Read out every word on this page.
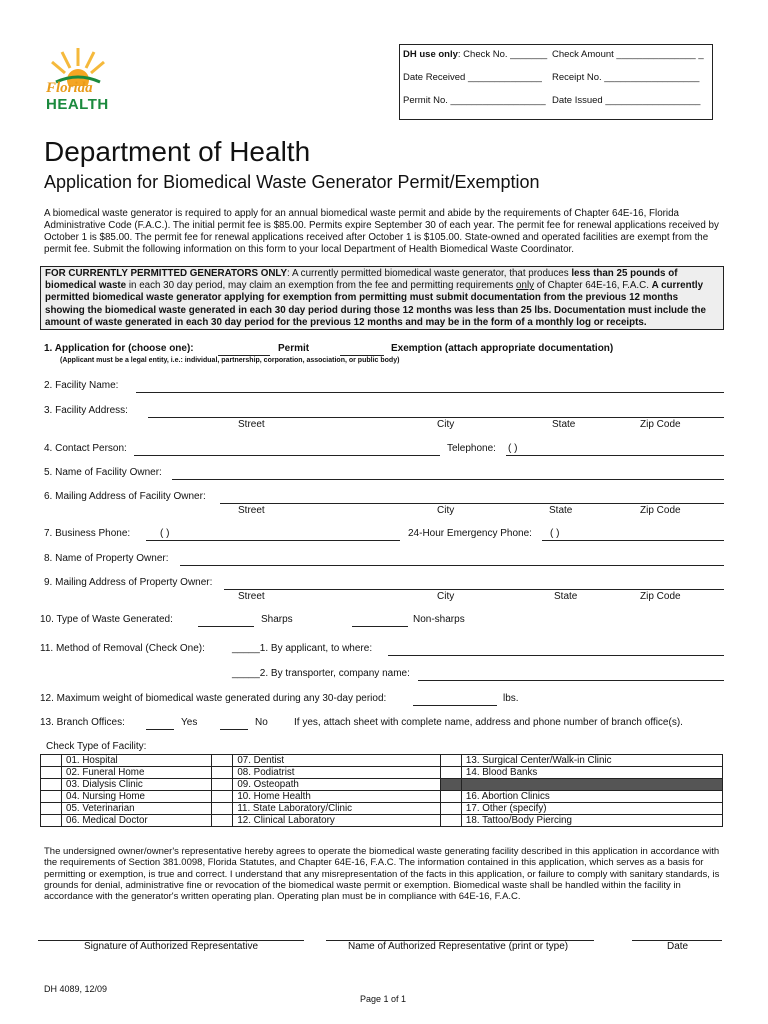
Florida
HEALTH
DH use only: Check No. _______ Check Amount _______________ _
Date Received ______________ Receipt No. __________________
Permit No. __________________ Date Issued __________________
Department of Health
Application for Biomedical Waste Generator Permit/Exemption
A biomedical waste generator is required to apply for an annual biomedical waste permit and abide by the requirements of Chapter 64E-16, Florida Administrative Code (F.A.C.). The initial permit fee is $85.00. Permits expire September 30 of each year. The permit fee for renewal applications received by October 1 is $85.00. The permit fee for renewal applications received after October 1 is $105.00. State-owned and operated facilities are exempt from the permit fee. Submit the following information on this form to your local Department of Health Biomedical Waste Coordinator.
FOR CURRENTLY PERMITTED GENERATORS ONLY: A currently permitted biomedical waste generator, that produces less than 25 pounds of biomedical waste in each 30 day period, may claim an exemption from the fee and permitting requirements only of Chapter 64E-16, F.A.C. A currently permitted biomedical waste generator applying for exemption from permitting must submit documentation from the previous 12 months showing the biomedical waste generated in each 30 day period during those 12 months was less than 25 lbs. Documentation must include the amount of waste generated in each 30 day period for the previous 12 months and may be in the form of a monthly log or receipts.
1. Application for (choose one):	Permit	Exemption (attach appropriate documentation)
(Applicant must be a legal entity, i.e.: individual, partnership, corporation, association, or public body)
2. Facility Name:
3. Facility Address:
Street	City	State	Zip Code
4. Contact Person:	Telephone: ( )
5. Name of Facility Owner:
6. Mailing Address of Facility Owner:
Street	City	State	Zip Code
7. Business Phone:	( )	24-Hour Emergency Phone: ( )
8. Name of Property Owner:
9. Mailing Address of Property Owner:
Street	City	State	Zip Code
10. Type of Waste Generated:	Sharps	Non-sharps
11. Method of Removal (Check One):	_____1. By applicant, to where:
_____2. By transporter, company name:
12. Maximum weight of biomedical waste generated during any 30-day period:	lbs.
13. Branch Offices:	Yes	No	If yes, attach sheet with complete name, address and phone number of branch office(s).
Check Type of Facility:
	01. Hospital		07. Dentist		13. Surgical Center/Walk-in Clinic
	02. Funeral Home		08. Podiatrist		14. Blood Banks
	03. Dialysis Clinic		09. Osteopath		
	04. Nursing Home		10. Home Health		16. Abortion Clinics
	05. Veterinarian		11. State Laboratory/Clinic		17. Other (specify)
	06. Medical Doctor		12. Clinical Laboratory		18. Tattoo/Body Piercing
The undersigned owner/owner's representative hereby agrees to operate the biomedical waste generating facility described in this application in accordance with the requirements of Section 381.0098, Florida Statutes, and Chapter 64E-16, F.A.C. The information contained in this application, which serves as a basis for permitting or exemption, is true and correct. I understand that any misrepresentation of the facts in this application, or failure to comply with sanitary standards, is grounds for denial, administrative fine or revocation of the biomedical waste permit or exemption. Biomedical waste shall be handled within the facility in accordance with the generator's written operating plan. Operating plan must be in compliance with 64E-16, F.A.C.
Signature of Authorized Representative	Name of Authorized Representative (print or type)	Date
DH 4089, 12/09
Page 1 of 1
